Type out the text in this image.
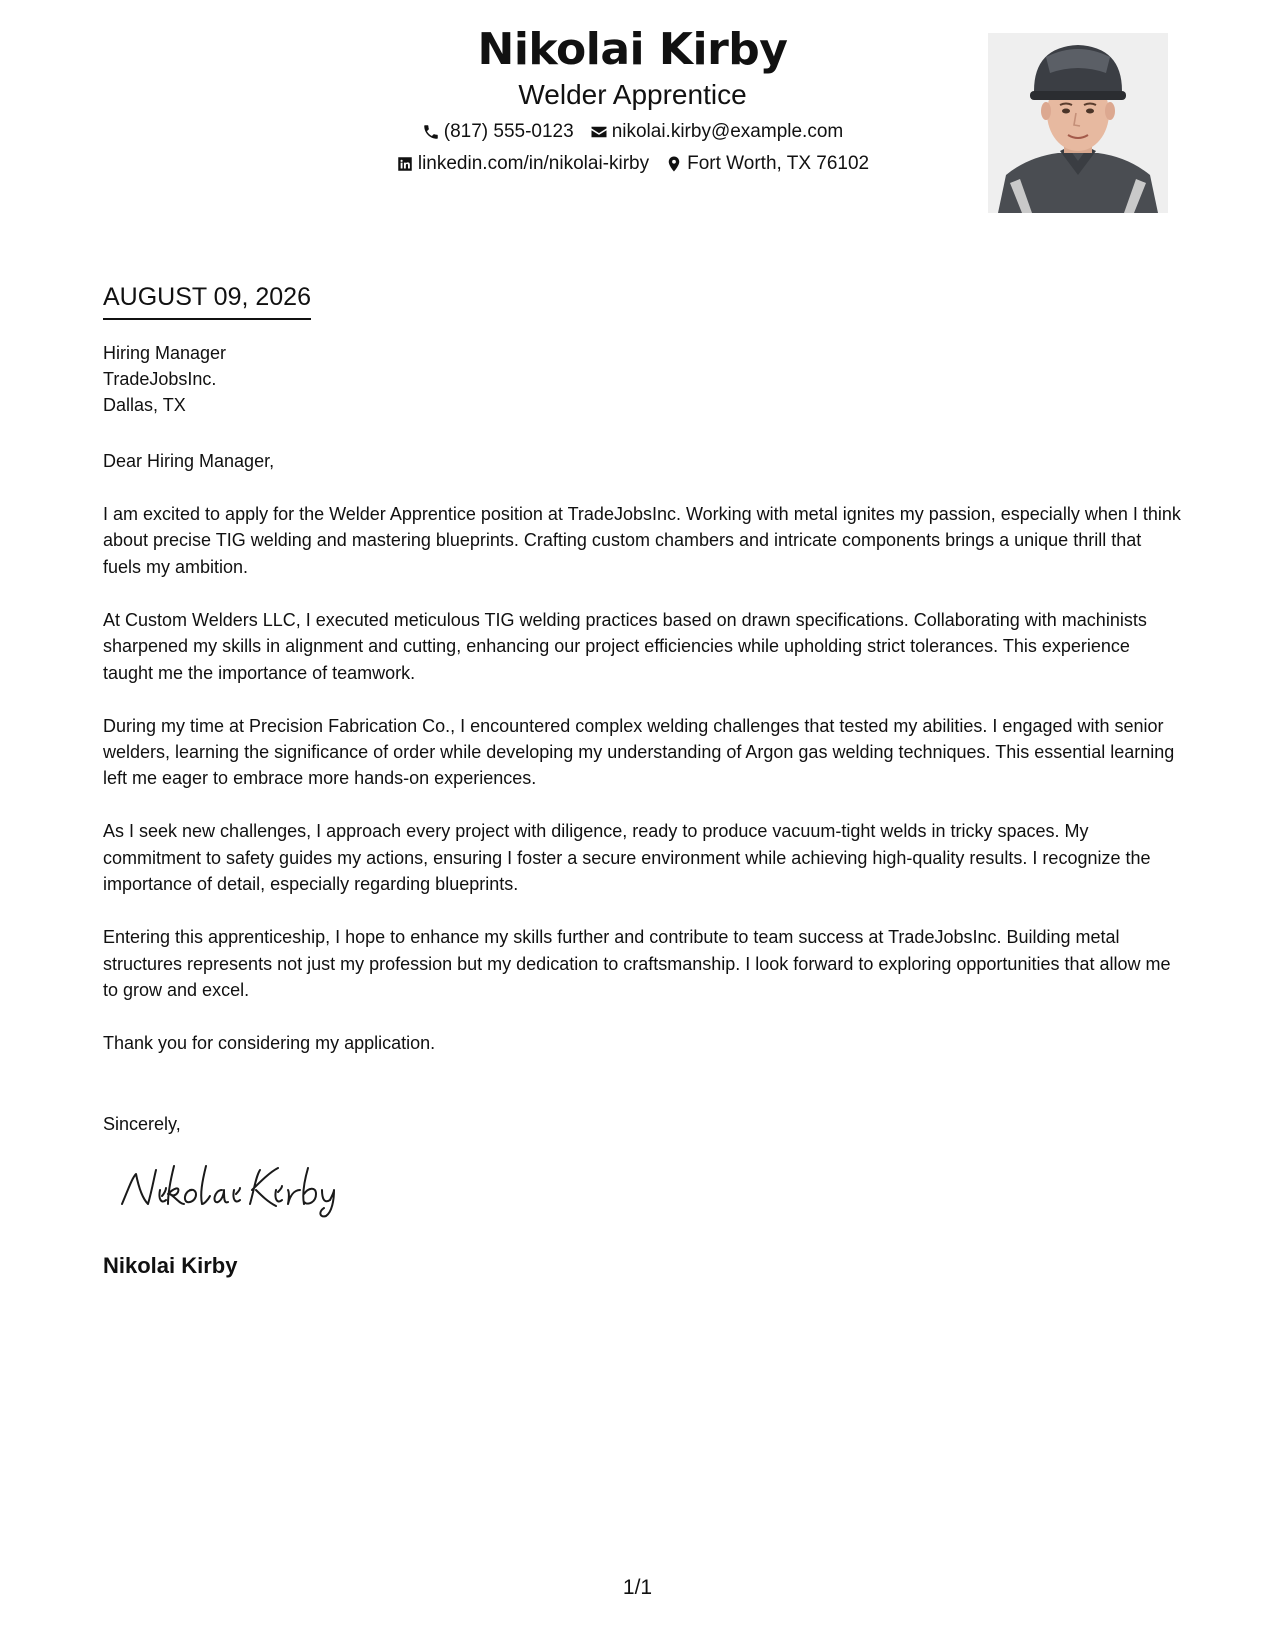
Nikolai Kirby
Welder Apprentice
(817) 555-0123 nikolai.kirby@example.com
linkedin.com/in/nikolai-kirby Fort Worth, TX 76102
AUGUST 09, 2026
Hiring Manager
TradeJobsInc.
Dallas, TX

Dear Hiring Manager,

I am excited to apply for the Welder Apprentice position at TradeJobsInc. Working with metal ignites my passion, especially when I think about precise TIG welding and mastering blueprints. Crafting custom chambers and intricate components brings a unique thrill that fuels my ambition.

At Custom Welders LLC, I executed meticulous TIG welding practices based on drawn specifications. Collaborating with machinists sharpened my skills in alignment and cutting, enhancing our project efficiencies while upholding strict tolerances. This experience taught me the importance of teamwork.

During my time at Precision Fabrication Co., I encountered complex welding challenges that tested my abilities. I engaged with senior welders, learning the significance of order while developing my understanding of Argon gas welding techniques. This essential learning left me eager to embrace more hands-on experiences.

As I seek new challenges, I approach every project with diligence, ready to produce vacuum-tight welds in tricky spaces. My commitment to safety guides my actions, ensuring I foster a secure environment while achieving high-quality results. I recognize the importance of detail, especially regarding blueprints.

Entering this apprenticeship, I hope to enhance my skills further and contribute to team success at TradeJobsInc. Building metal structures represents not just my profession but my dedication to craftsmanship. I look forward to exploring opportunities that allow me to grow and excel.

Thank you for considering my application.

Sincerely,
Nikolai Kirby
1/1
